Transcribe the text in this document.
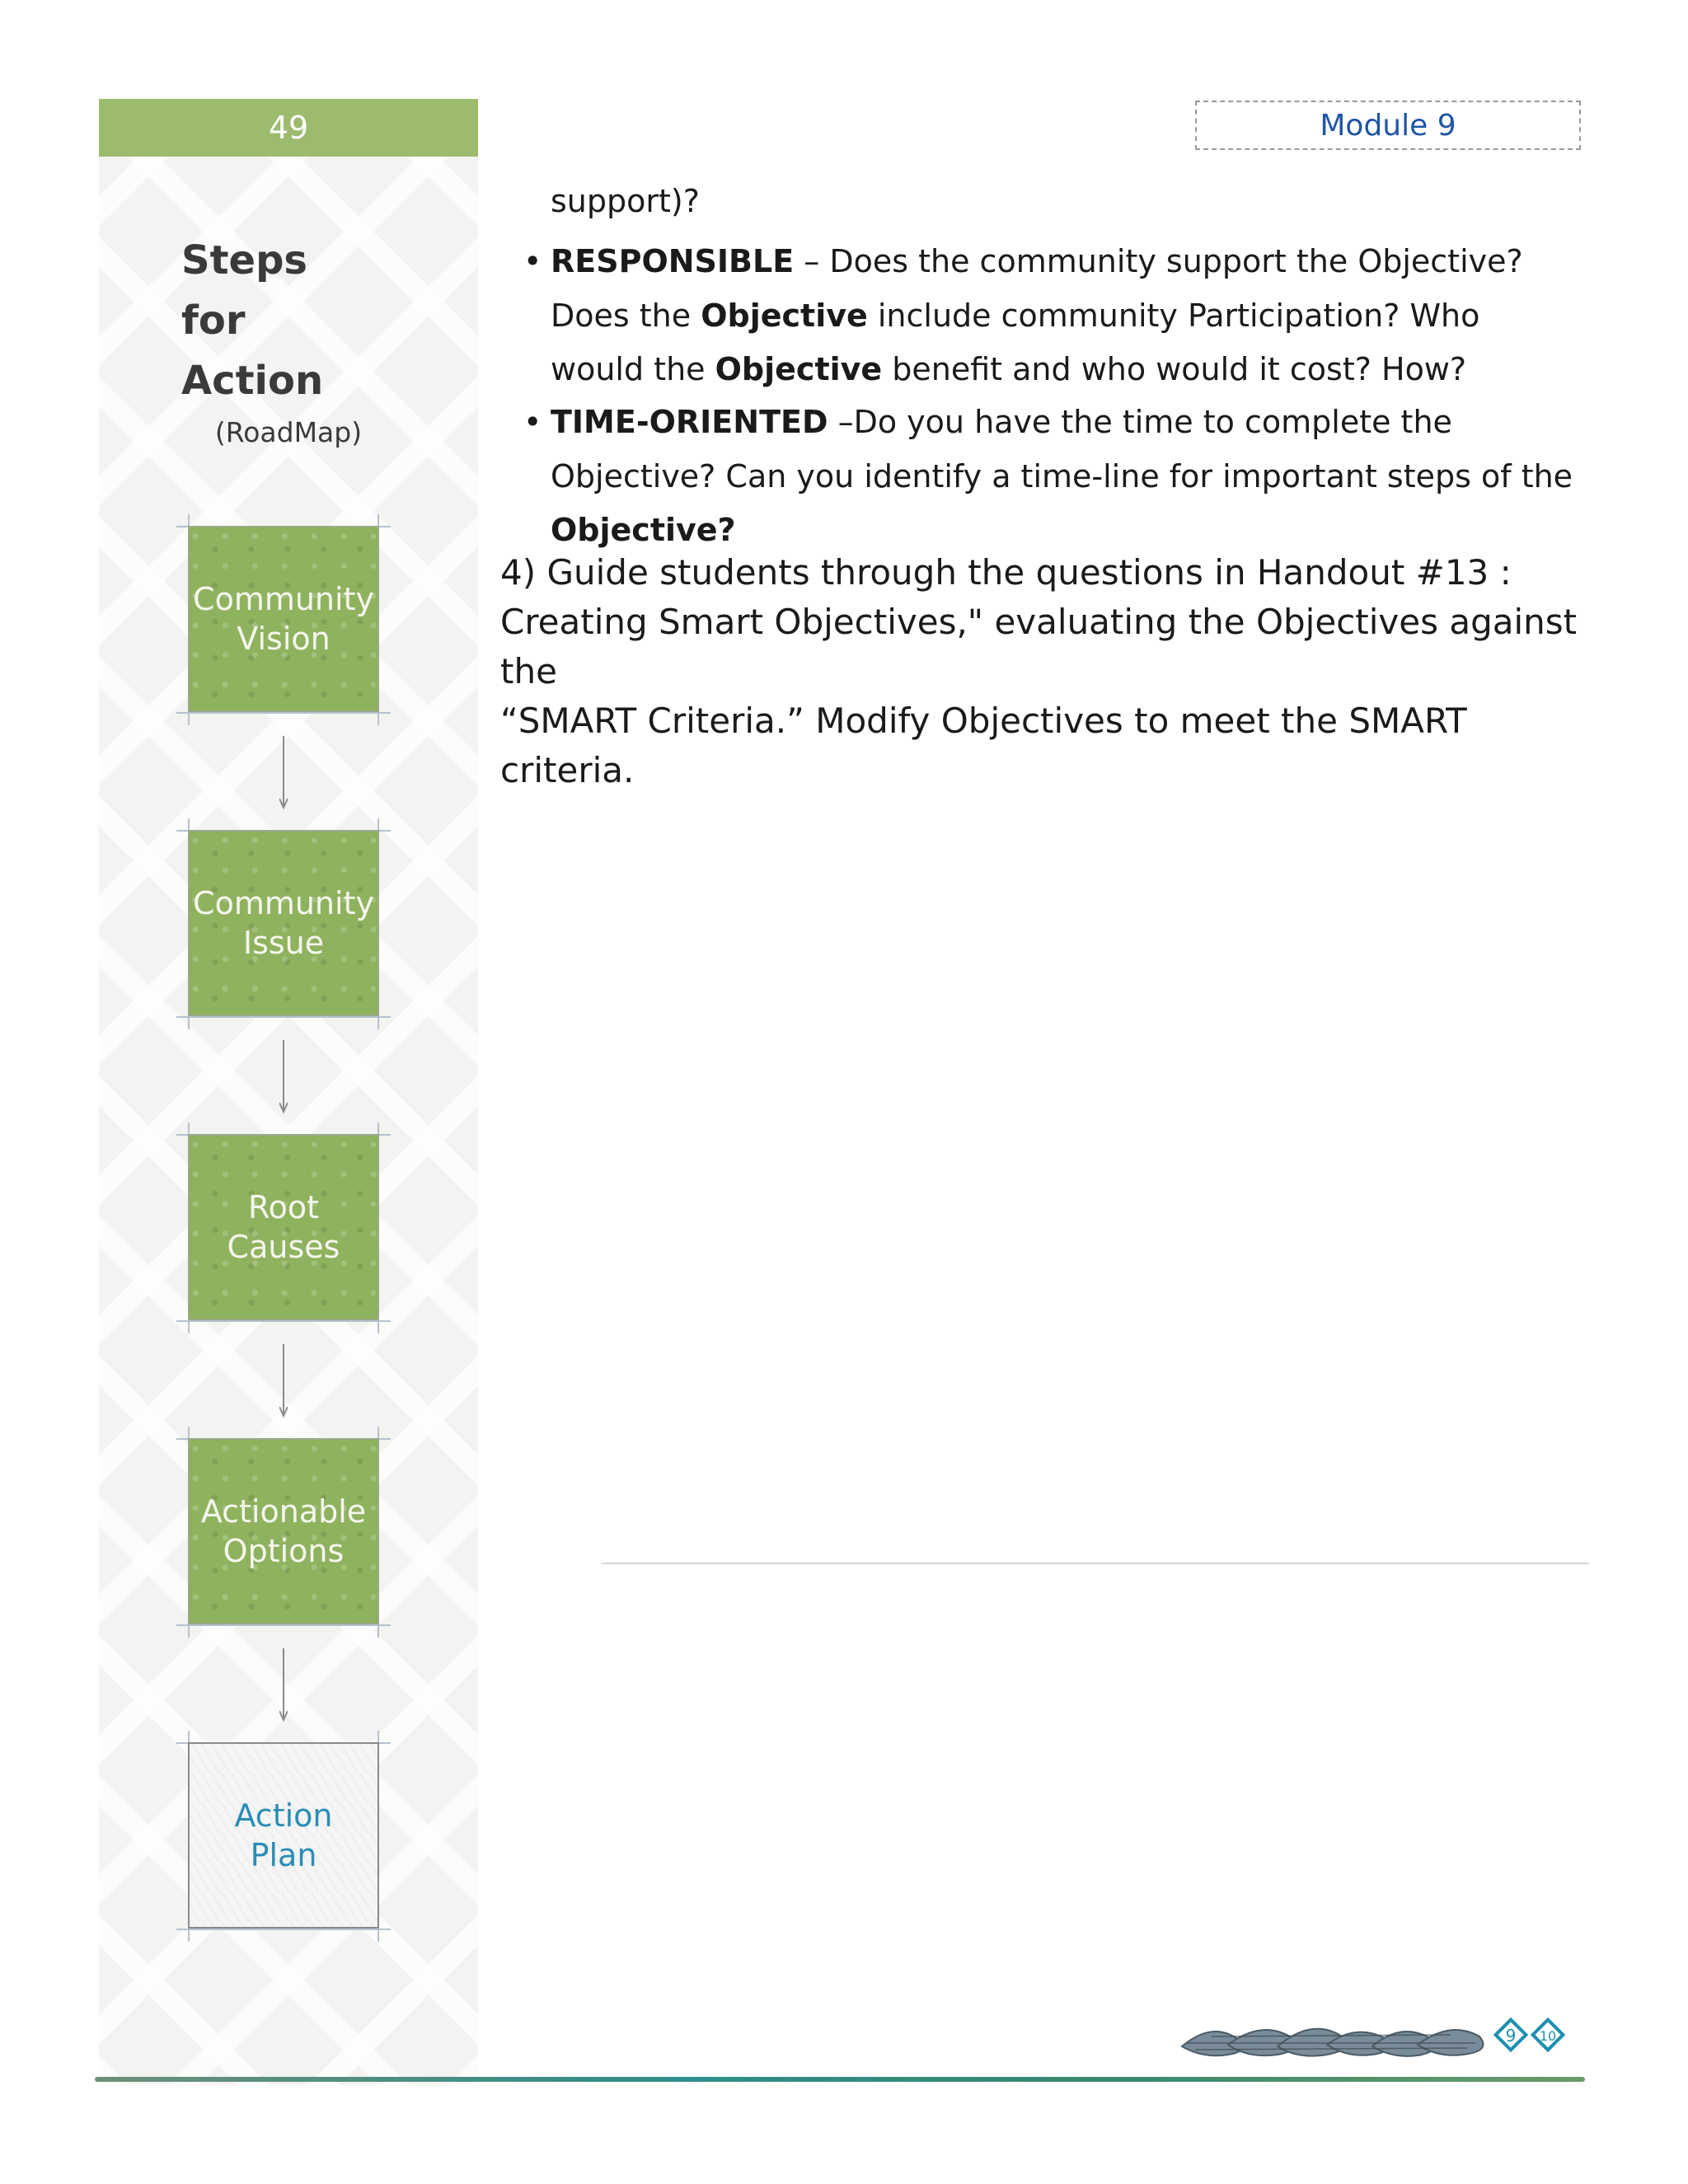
49	Module 9
Steps
for
Action
(RoadMap)
Community
Vision
Community
Issue
Root
Causes
Actionable
Options
Action
Plan
support)?
• RESPONSIBLE – Does the community support the Objective? Does the Objective include community Participation? Who would the Objective benefit and who would it cost? How?
• TIME-ORIENTED –Do you have the time to complete the Objective? Can you identify a time-line for important steps of the Objective?

4) Guide students through the questions in Handout #13 :

Creating Smart Objectives," evaluating the Objectives against the

“SMART Criteria.” Modify Objectives to meet the SMART criteria.

9 10
